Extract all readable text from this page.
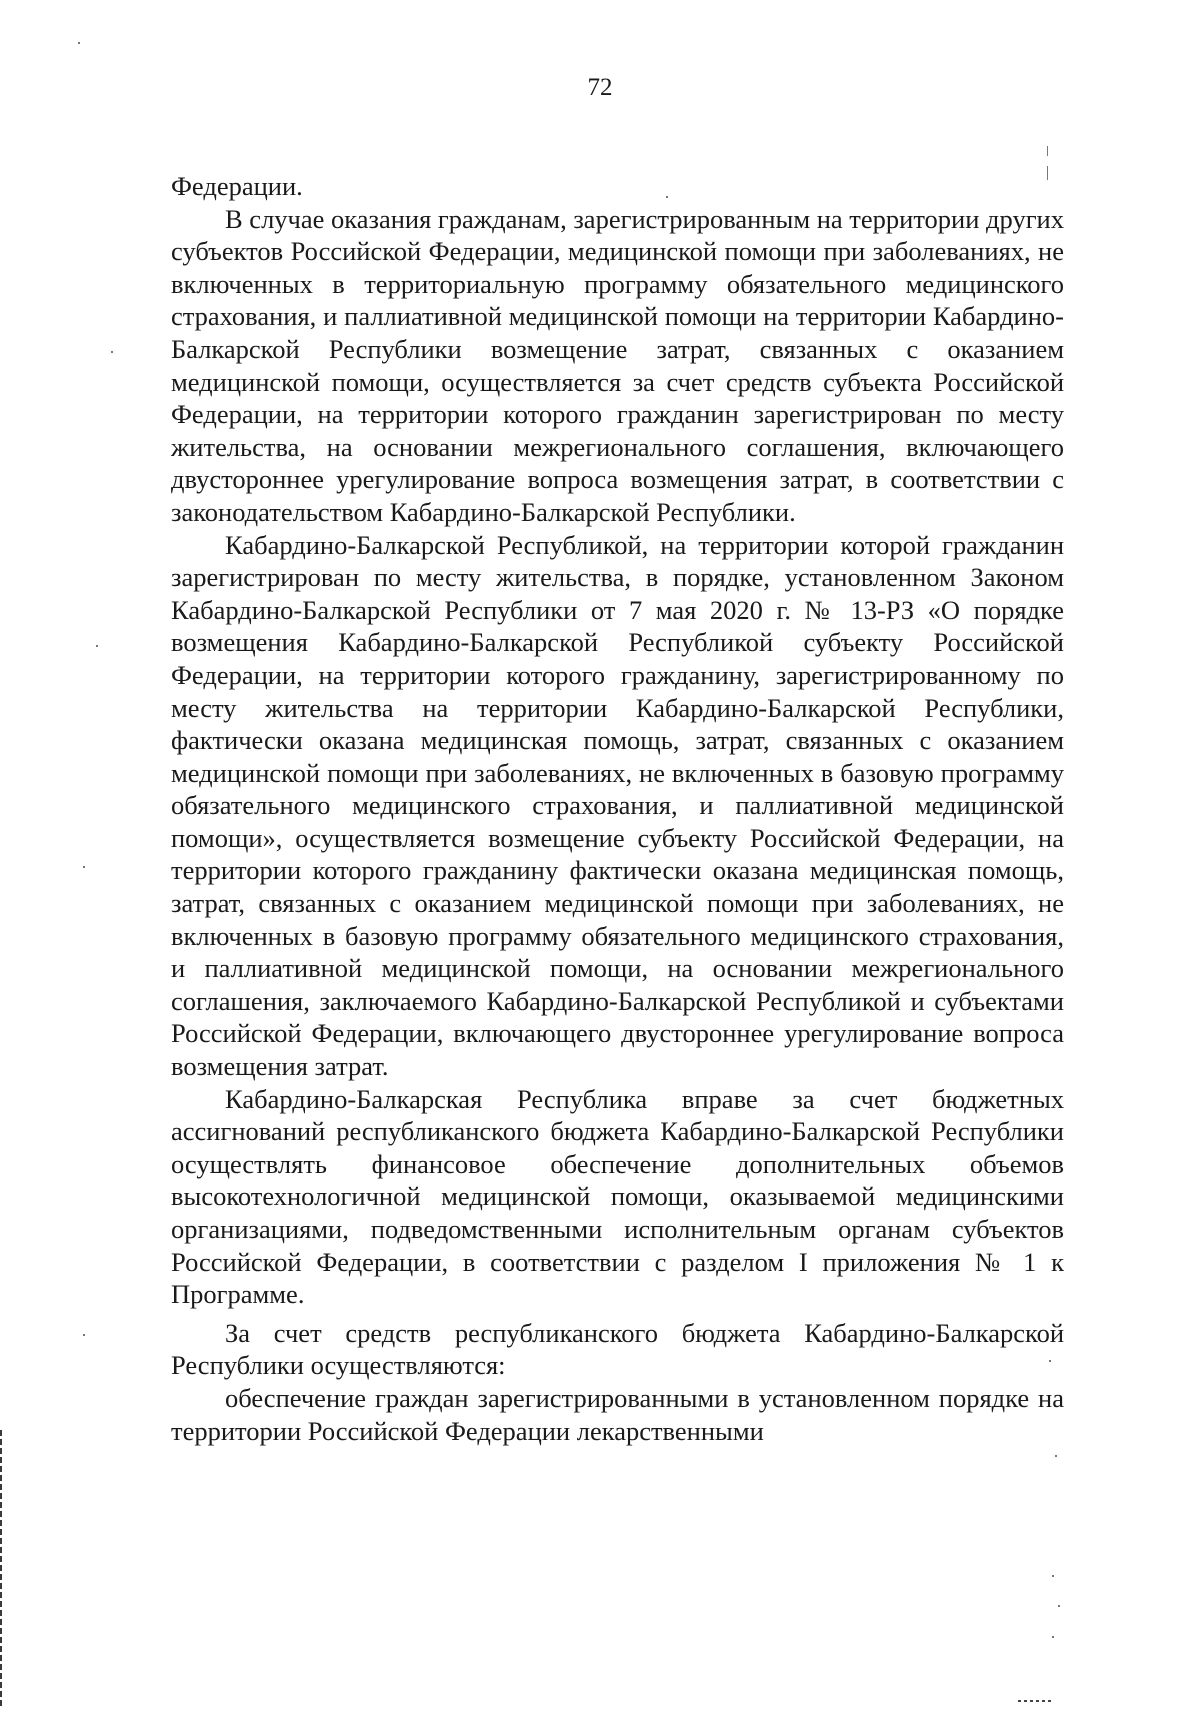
72

Федерации.

В случае оказания гражданам, зарегистрированным на территории других субъектов Российской Федерации, медицинской помощи при заболеваниях, не включенных в территориальную программу обязательного медицинского страхования, и паллиативной медицинской помощи на территории Кабардино-Балкарской Республики возмещение затрат, связанных с оказанием медицинской помощи, осуществляется за счет средств субъекта Российской Федерации, на территории которого гражданин зарегистрирован по месту жительства, на основании межрегионального соглашения, включающего двустороннее урегулирование вопроса возмещения затрат, в соответствии с законодательством Кабардино-Балкарской Республики.

Кабардино-Балкарской Республикой, на территории которой гражданин зарегистрирован по месту жительства, в порядке, установленном Законом Кабардино-Балкарской Республики от 7 мая 2020 г. № 13-РЗ «О порядке возмещения Кабардино-Балкарской Республикой субъекту Российской Федерации, на территории которого гражданину, зарегистрированному по месту жительства на территории Кабардино-Балкарской Республики, фактически оказана медицинская помощь, затрат, связанных с оказанием медицинской помощи при заболеваниях, не включенных в базовую программу обязательного медицинского страхования, и паллиативной медицинской помощи», осуществляется возмещение субъекту Российской Федерации, на территории которого гражданину фактически оказана медицинская помощь, затрат, связанных с оказанием медицинской помощи при заболеваниях, не включенных в базовую программу обязательного медицинского страхования, и паллиативной медицинской помощи, на основании межрегионального соглашения, заключаемого Кабардино-Балкарской Республикой и субъектами Российской Федерации, включающего двустороннее урегулирование вопроса возмещения затрат.

Кабардино-Балкарская Республика вправе за счет бюджетных ассигнований республиканского бюджета Кабардино-Балкарской Республики осуществлять финансовое обеспечение дополнительных объемов высокотехнологичной медицинской помощи, оказываемой медицинскими организациями, подведомственными исполнительным органам субъектов Российской Федерации, в соответствии с разделом I приложения № 1 к Программе.

За счет средств республиканского бюджета Кабардино-Балкарской Республики осуществляются:

обеспечение граждан зарегистрированными в установленном порядке на территории Российской Федерации лекарственными
